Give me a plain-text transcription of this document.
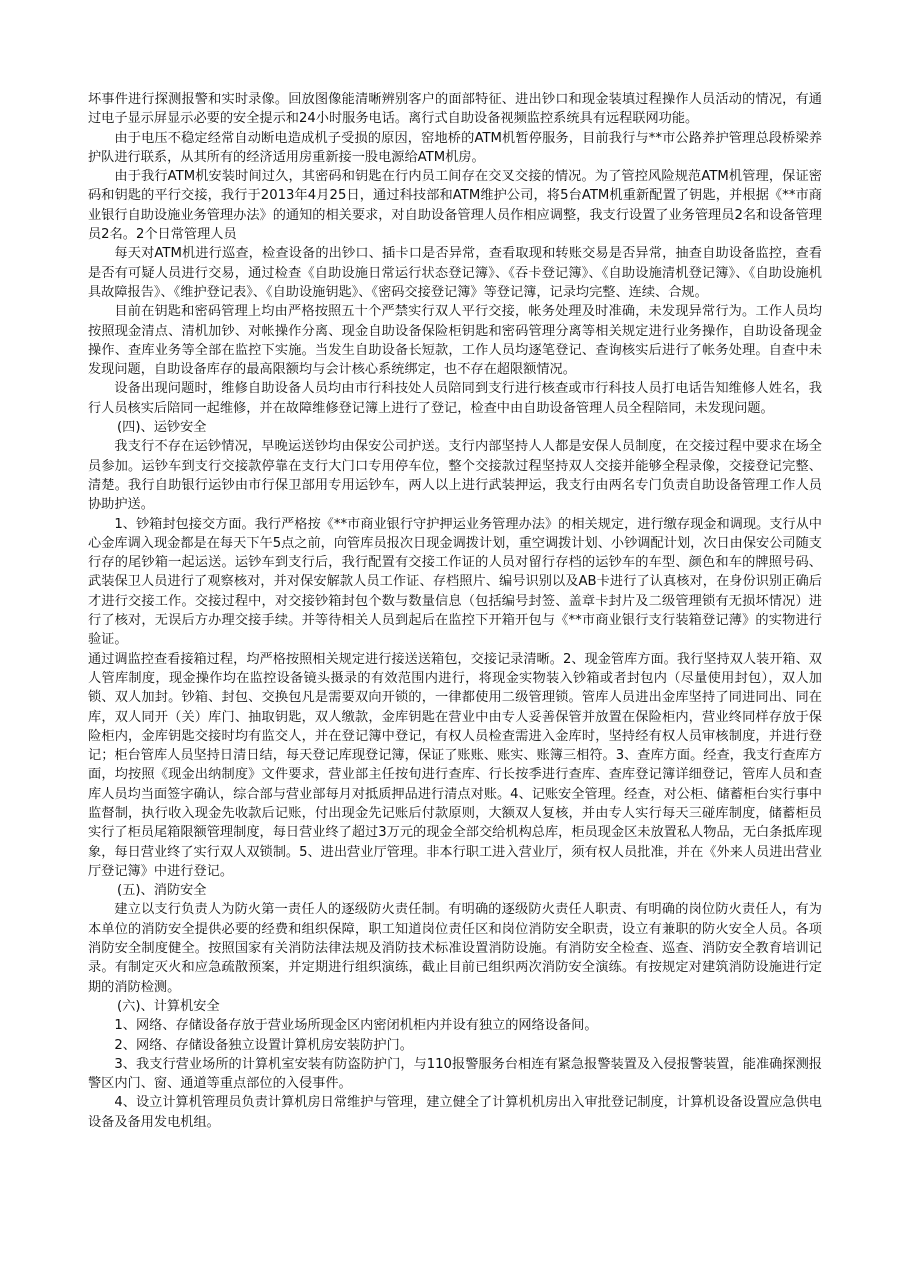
坏事件进行探测报警和实时录像。回放图像能清晰辨别客户的面部特征、进出钞口和现金装填过程操作人员活动的情况，有通过电子显示屏显示必要的安全提示和24小时服务电话。离行式自助设备视频监控系统具有远程联网功能。

由于电压不稳定经常自动断电造成机子受损的原因，窑地桥的ATM机暂停服务，目前我行与**市公路养护管理总段桥梁养护队进行联系，从其所有的经济适用房重新接一股电源给ATM机房。

由于我行ATM机安装时间过久，其密码和钥匙在行内员工间存在交叉交接的情况。为了管控风险规范ATM机管理，保证密码和钥匙的平行交接，我行于2013年4月25日，通过科技部和ATM维护公司，将5台ATM机重新配置了钥匙，并根据《**市商业银行自助设施业务管理办法》的通知的相关要求，对自助设备管理人员作相应调整，我支行设置了业务管理员2名和设备管理员2名。2个日常管理人员

每天对ATM机进行巡查，检查设备的出钞口、插卡口是否异常，查看取现和转账交易是否异常，抽查自助设备监控，查看是否有可疑人员进行交易，通过检查《自助设施日常运行状态登记簿》、《吞卡登记簿》、《自助设施清机登记簿》、《自助设施机具故障报告》、《维护登记表》、《自助设施钥匙》、《密码交接登记簿》等登记簿，记录均完整、连续、合规。

目前在钥匙和密码管理上均由严格按照五十个严禁实行双人平行交接，帐务处理及时准确，未发现异常行为。工作人员均按照现金清点、清机加钞、对帐操作分离、现金自助设备保险柜钥匙和密码管理分离等相关规定进行业务操作，自助设备现金操作、查库业务等全部在监控下实施。当发生自助设备长短款，工作人员均逐笔登记、查询核实后进行了帐务处理。自查中未发现问题，自助设备库存的最高限额均与会计核心系统绑定，也不存在超限额情况。

设备出现问题时，维修自助设备人员均由市行科技处人员陪同到支行进行核查或市行科技人员打电话告知维修人姓名，我行人员核实后陪同一起维修，并在故障维修登记簿上进行了登记，检查中由自助设备管理人员全程陪同，未发现问题。

(四)、运钞安全

我支行不存在运钞情况，早晚运送钞均由保安公司护送。支行内部坚持人人都是安保人员制度，在交接过程中要求在场全员参加。运钞车到支行交接款停靠在支行大门口专用停车位，整个交接款过程坚持双人交接并能够全程录像，交接登记完整、清楚。我行自助银行运钞由市行保卫部用专用运钞车，两人以上进行武装押运，我支行由两名专门负责自助设备管理工作人员协助护送。

1、钞箱封包接交方面。我行严格按《**市商业银行守护押运业务管理办法》的相关规定，进行缴存现金和调现。支行从中心金库调入现金都是在每天下午5点之前，向管库员报次日现金调拨计划，重空调拨计划、小钞调配计划，次日由保安公司随支行存的尾钞箱一起运送。运钞车到支行后，我行配置有交接工作证的人员对留行存档的运钞车的车型、颜色和车的牌照号码、武装保卫人员进行了观察核对，并对保安解款人员工作证、存档照片、编号识别以及AB卡进行了认真核对，在身份识别正确后才进行交接工作。交接过程中，对交接钞箱封包个数与数量信息（包括编号封签、盖章卡封片及二级管理锁有无损坏情况）进行了核对，无误后方办理交接手续。并等待相关人员到起后在监控下开箱开包与《**市商业银行支行装箱登记薄》的实物进行验证。

通过调监控查看接箱过程，均严格按照相关规定进行接送送箱包，交接记录清晰。2、现金管库方面。我行坚持双人装开箱、双人管库制度，现金操作均在监控设备镜头摄录的有效范围内进行，将现金实物装入钞箱或者封包内（尽量使用封包），双人加锁、双人加封。钞箱、封包、交换包凡是需要双向开锁的，一律都使用二级管理锁。管库人员进出金库坚持了同进同出、同在库，双人同开（关）库门、抽取钥匙，双人缴款，金库钥匙在营业中由专人妥善保管并放置在保险柜内，营业终同样存放于保险柜内，金库钥匙交接时均有监交人，并在登记簿中登记，有权人员检查需进入金库时，坚持经有权人员审核制度，并进行登记；柜台管库人员坚持日清日结，每天登记库现登记簿，保证了账账、账实、账簿三相符。3、查库方面。经查，我支行查库方面，均按照《现金出纳制度》文件要求，营业部主任按旬进行查库、行长按季进行查库、查库登记簿详细登记，管库人员和查库人员均当面签字确认，综合部与营业部每月对抵质押品进行清点对账。4、记账安全管理。经查，对公柜、储蓄柜台实行事中监督制，执行收入现金先收款后记账，付出现金先记账后付款原则，大额双人复核，并由专人实行每天三碰库制度，储蓄柜员实行了柜员尾箱限额管理制度，每日营业终了超过3万元的现金全部交给机构总库，柜员现金区未放置私人物品，无白条抵库现象，每日营业终了实行双人双锁制。5、进出营业厅管理。非本行职工进入营业厅，须有权人员批准，并在《外来人员进出营业厅登记簿》中进行登记。

(五)、消防安全

建立以支行负责人为防火第一责任人的逐级防火责任制。有明确的逐级防火责任人职责、有明确的岗位防火责任人，有为本单位的消防安全提供必要的经费和组织保障，职工知道岗位责任区和岗位消防安全职责，设立有兼职的防火安全人员。各项消防安全制度健全。按照国家有关消防法律法规及消防技术标准设置消防设施。有消防安全检查、巡查、消防安全教育培训记录。有制定灭火和应急疏散预案，并定期进行组织演练，截止目前已组织两次消防安全演练。有按规定对建筑消防设施进行定期的消防检测。

(六)、计算机安全

1、网络、存储设备存放于营业场所现金区内密闭机柜内并设有独立的网络设备间。

2、网络、存储设备独立设置计算机房安装防护门。

3、我支行营业场所的计算机室安装有防盗防护门，与110报警服务台相连有紧急报警装置及入侵报警装置，能准确探测报警区内门、窗、通道等重点部位的入侵事件。

4、设立计算机管理员负责计算机房日常维护与管理，建立健全了计算机机房出入审批登记制度，计算机设备设置应急供电设备及备用发电机组。
